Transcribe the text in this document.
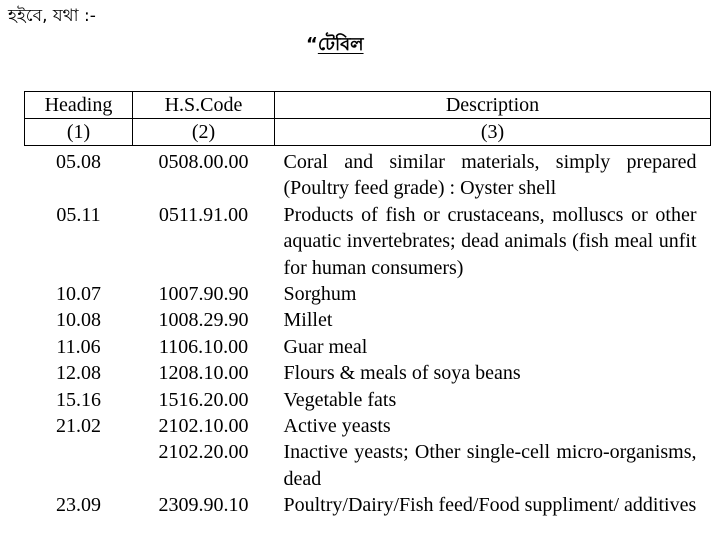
হইবে, যথা :-
“টেবিল
Heading	H.S.Code	Description
(1)	(2)	(3)
05.08	0508.00.00	Coral and similar materials, simply prepared (Poultry feed grade) : Oyster shell
05.11	0511.91.00	Products of fish or crustaceans, molluscs or other aquatic invertebrates; dead animals (fish meal unfit for human consumers)
10.07	1007.90.90	Sorghum
10.08	1008.29.90	Millet
11.06	1106.10.00	Guar meal
12.08	1208.10.00	Flours & meals of soya beans
15.16	1516.20.00	Vegetable fats
21.02	2102.10.00	Active yeasts
	2102.20.00	Inactive yeasts; Other single-cell micro-organisms, dead
23.09	2309.90.10	Poultry/Dairy/Fish feed/Food suppliment/ additives
